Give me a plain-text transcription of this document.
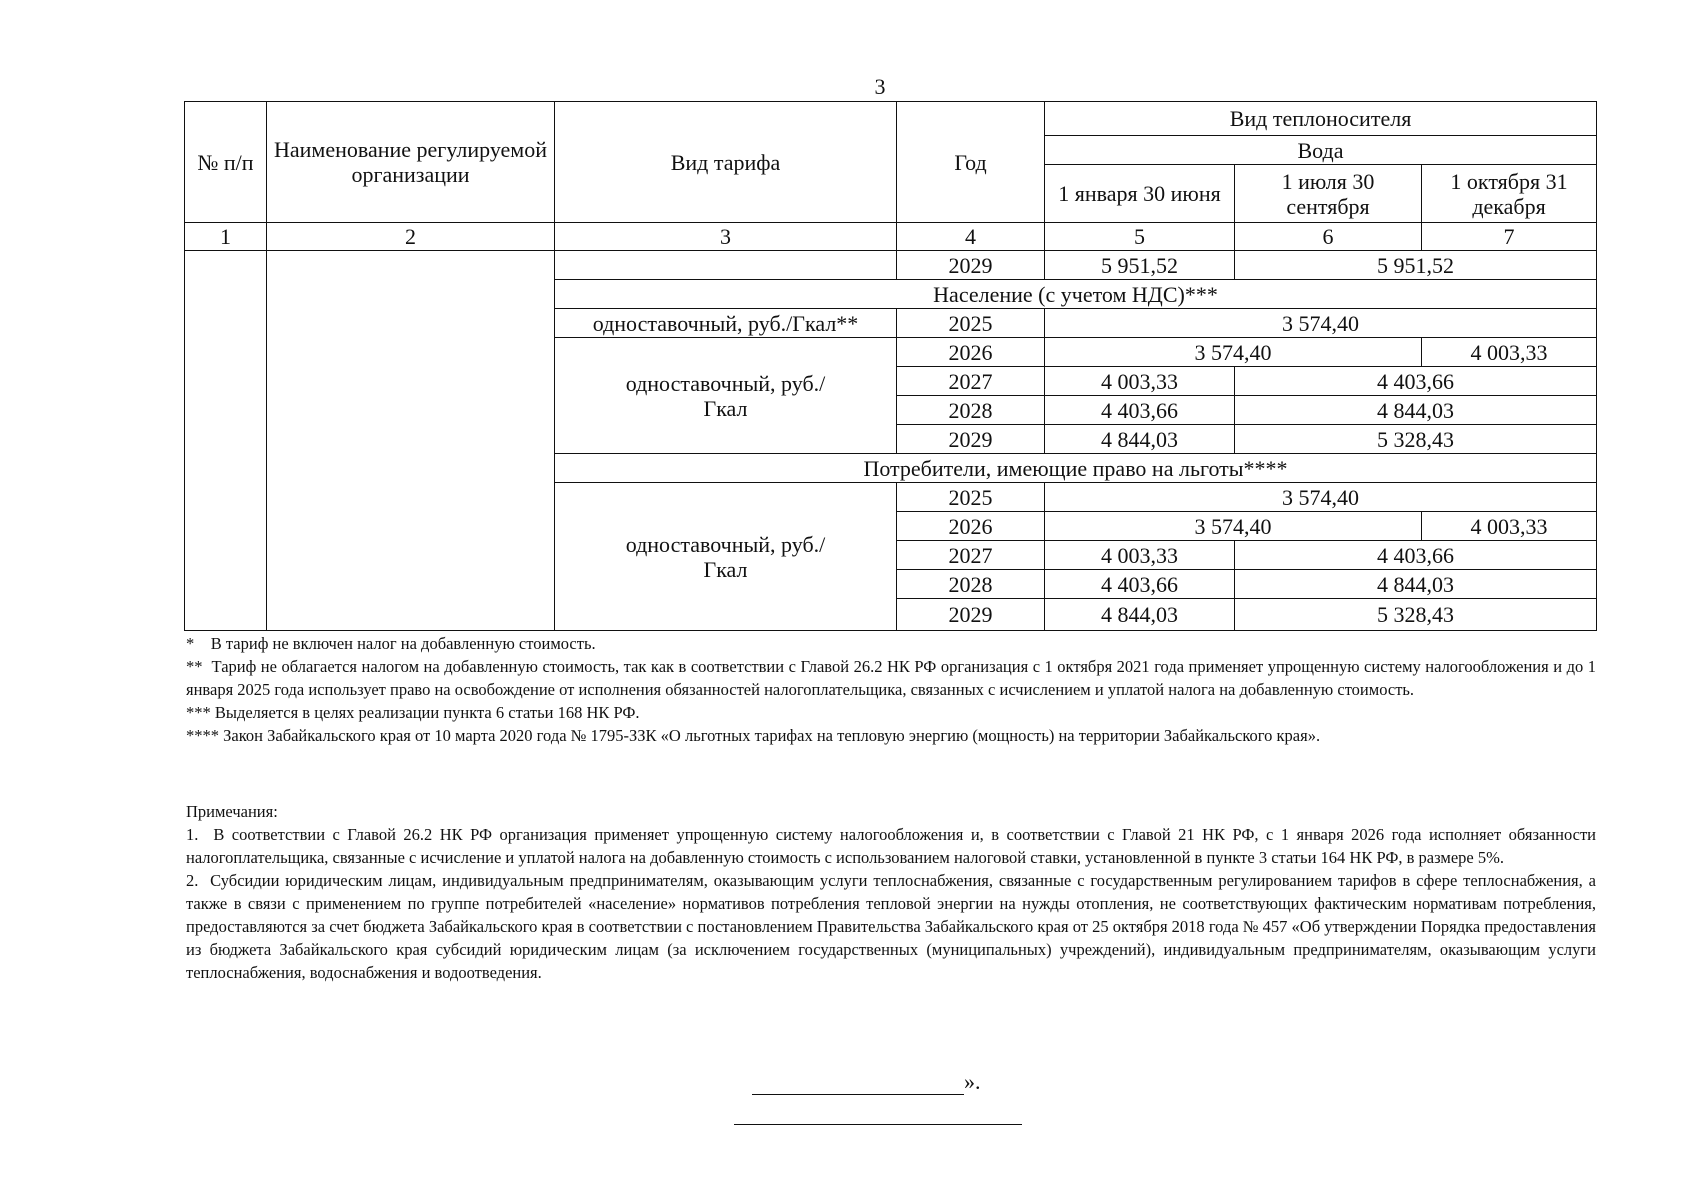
3
№ п/п	Наименование регулируемой организации	Вид тарифа	Год	Вид теплоносителя		
				Вода		
				1 января 30 июня	1 июля 30 сентября	1 октября 31 декабря
1	2	3	4	5	6	7
			2029	5 951,52	5 951,52	
		Население (с учетом НДС)***				
		одноставочный, руб./Гкал**	2025	3 574,40		
		одноставочный, руб./Гкал	2026	3 574,40		4 003,33
			2027	4 003,33	4 403,66	
			2028	4 403,66	4 844,03	
			2029	4 844,03	5 328,43	
		Потребители, имеющие право на льготы****				
		одноставочный, руб./Гкал	2025	3 574,40		
			2026	3 574,40		4 003,33
			2027	4 003,33	4 403,66	
			2028	4 403,66	4 844,03	
			2029	4 844,03	5 328,43	

*    В тариф не включен налог на добавленную стоимость.

**  Тариф не облагается налогом на добавленную стоимость, так как в соответствии с Главой 26.2 НК РФ организация с 1 октября 2021 года применяет упрощенную систему налогообложения и до 1 января 2025 года использует право на освобождение от исполнения обязанностей налогоплательщика, связанных с исчислением и уплатой налога на добавленную стоимость.

*** Выделяется в целях реализации пункта 6 статьи 168 НК РФ.

**** Закон Забайкальского края от 10 марта 2020 года № 1795-ЗЗК «О льготных тарифах на тепловую энергию (мощность) на территории Забайкальского края».

Примечания:

1.  В соответствии с Главой 26.2 НК РФ организация применяет упрощенную систему налогообложения и, в соответствии с Главой 21 НК РФ, с 1 января 2026 года исполняет обязанности налогоплательщика, связанные с исчисление и уплатой налога на добавленную стоимость с использованием налоговой ставки, установленной в пункте 3 статьи 164 НК РФ, в размере 5%.

2.  Субсидии юридическим лицам, индивидуальным предпринимателям, оказывающим услуги теплоснабжения, связанные с государственным регулированием тарифов в сфере теплоснабжения, а также в связи с применением по группе потребителей «население» нормативов потребления тепловой энергии на нужды отопления, не соответствующих фактическим нормативам потребления, предоставляются за счет бюджета Забайкальского края в соответствии с постановлением Правительства Забайкальского края от 25 октября 2018 года № 457 «Об утверждении Порядка предоставления из бюджета Забайкальского края субсидий юридическим лицам (за исключением государственных (муниципальных) учреждений), индивидуальным предпринимателям, оказывающим услуги теплоснабжения, водоснабжения и водоотведения.

».
